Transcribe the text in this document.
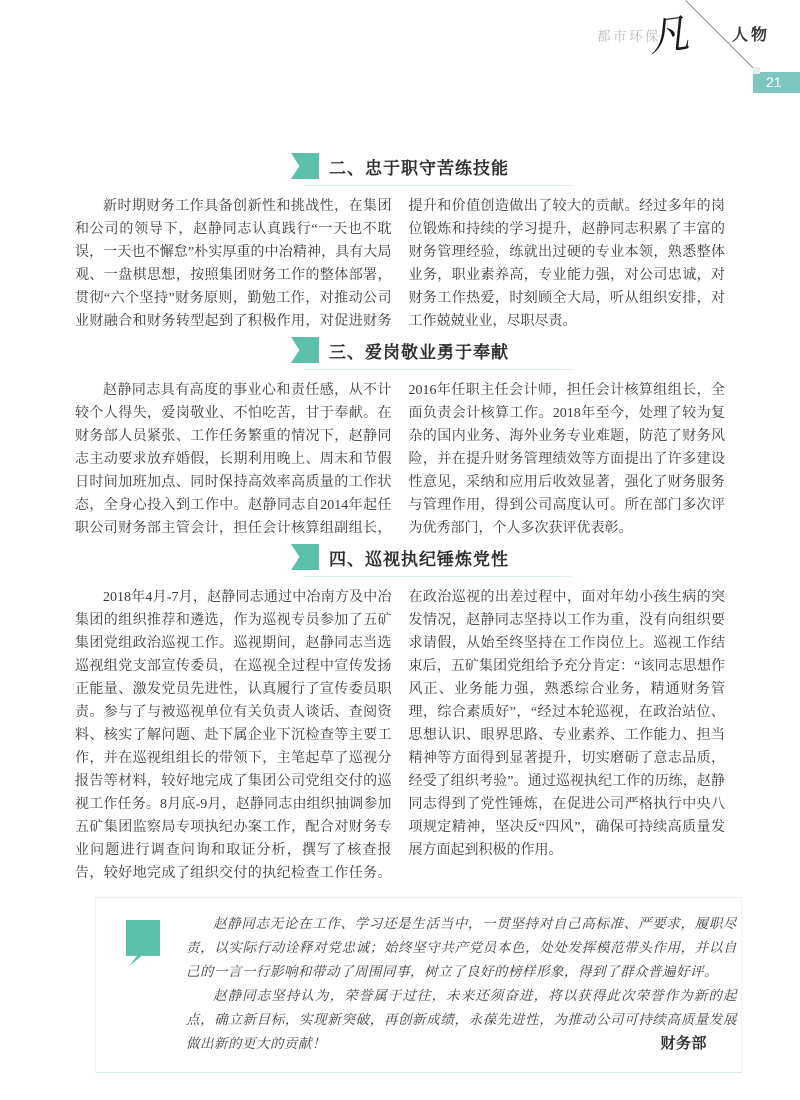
都市环保
凡	人物
21
二、忠于职守苦练技能

新时期财务工作具备创新性和挑战性，在集团和公司的领导下，赵静同志认真践行“一天也不耽误，一天也不懈怠”朴实厚重的中冶精神，具有大局观、一盘棋思想，按照集团财务工作的整体部署，贯彻“六个坚持”财务原则，勤勉工作，对推动公司业财融合和财务转型起到了积极作用，对促进财务提升和价值创造做出了较大的贡献。经过多年的岗位锻炼和持续的学习提升，赵静同志积累了丰富的财务管理经验，练就出过硬的专业本领，熟悉整体业务，职业素养高，专业能力强，对公司忠诚，对财务工作热爱，时刻顾全大局，听从组织安排，对工作兢兢业业，尽职尽责。

三、爱岗敬业勇于奉献

赵静同志具有高度的事业心和责任感，从不计较个人得失，爱岗敬业、不怕吃苦，甘于奉献。在财务部人员紧张、工作任务繁重的情况下，赵静同志主动要求放弃婚假，长期利用晚上、周末和节假日时间加班加点、同时保持高效率高质量的工作状态，全身心投入到工作中。赵静同志自2014年起任职公司财务部主管会计，担任会计核算组副组长，2016年任职主任会计师，担任会计核算组组长，全面负责会计核算工作。2018年至今，处理了较为复杂的国内业务、海外业务专业难题，防范了财务风险，并在提升财务管理绩效等方面提出了许多建设性意见，采纳和应用后收效显著，强化了财务服务与管理作用，得到公司高度认可。所在部门多次评为优秀部门，个人多次获评优表彰。

四、巡视执纪锤炼党性

2018年4月-7月，赵静同志通过中冶南方及中冶集团的组织推荐和遴选，作为巡视专员参加了五矿集团党组政治巡视工作。巡视期间，赵静同志当选巡视组党支部宣传委员，在巡视全过程中宣传发扬正能量、激发党员先进性，认真履行了宣传委员职责。参与了与被巡视单位有关负责人谈话、查阅资料、核实了解问题、赴下属企业下沉检查等主要工作，并在巡视组组长的带领下，主笔起草了巡视分报告等材料，较好地完成了集团公司党组交付的巡视工作任务。8月底-9月，赵静同志由组织抽调参加五矿集团监察局专项执纪办案工作，配合对财务专业问题进行调查问询和取证分析，撰写了核查报告，较好地完成了组织交付的执纪检查工作任务。在政治巡视的出差过程中，面对年幼小孩生病的突发情况，赵静同志坚持以工作为重，没有向组织要求请假，从始至终坚持在工作岗位上。巡视工作结束后，五矿集团党组给予充分肯定：“该同志思想作风正、业务能力强，熟悉综合业务，精通财务管理，综合素质好”，“经过本轮巡视，在政治站位、思想认识、眼界思路、专业素养、工作能力、担当精神等方面得到显著提升，切实磨砺了意志品质，经受了组织考验”。通过巡视执纪工作的历练，赵静同志得到了党性锤炼，在促进公司严格执行中央八项规定精神，坚决反“四风”，确保可持续高质量发展方面起到积极的作用。

赵静同志无论在工作、学习还是生活当中，一贯坚持对自己高标准、严要求，履职尽责，以实际行动诠释对党忠诚；始终坚守共产党员本色，处处发挥模范带头作用，并以自己的一言一行影响和带动了周围同事，树立了良好的榜样形象，得到了群众普遍好评。

赵静同志坚持认为，荣誉属于过往，未来还须奋进，将以获得此次荣誉作为新的起点，确立新目标，实现新突破，再创新成绩，永葆先进性，为推动公司可持续高质量发展做出新的更大的贡献！	财务部
